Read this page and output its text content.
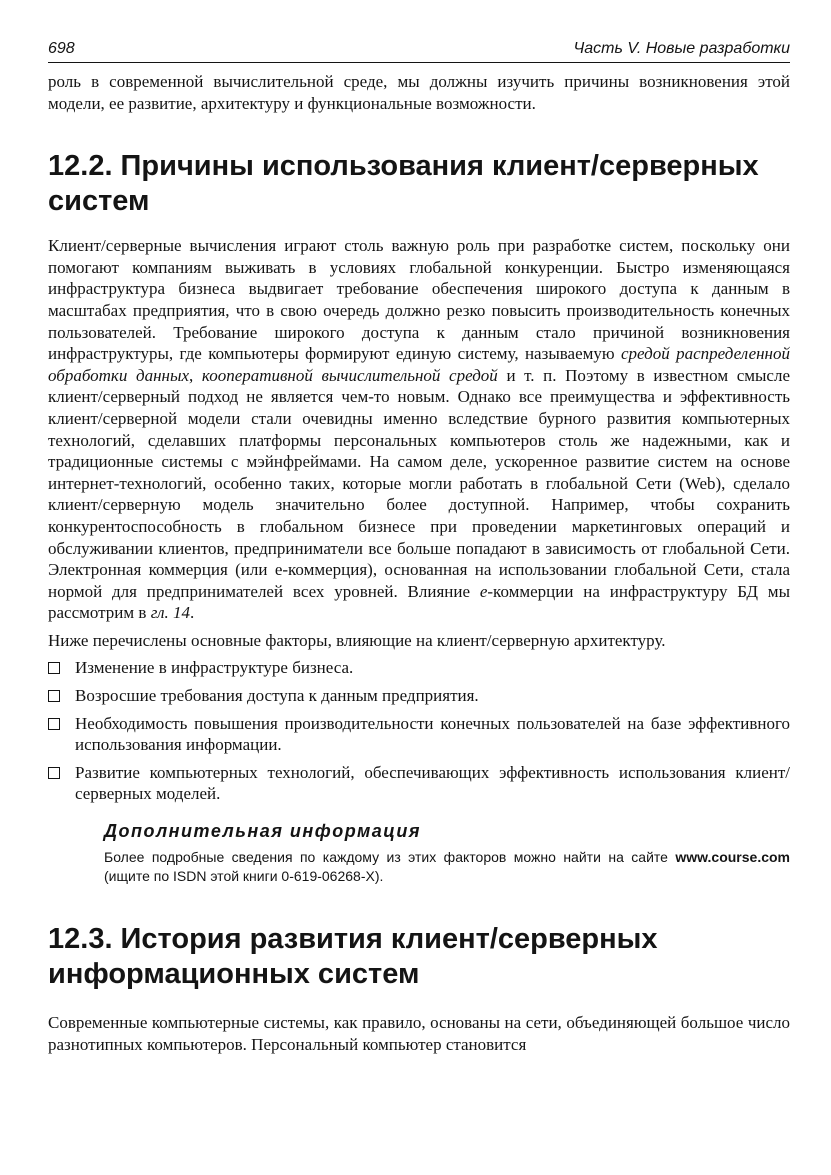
698	Часть V. Новые разработки

роль в современной вычислительной среде, мы должны изучить причины возникновения этой модели, ее развитие, архитектуру и функциональные возможности.

12.2. Причины использования клиент/серверных систем

Клиент/серверные вычисления играют столь важную роль при разработке систем, поскольку они помогают компаниям выживать в условиях глобальной конкуренции. Быстро изменяющаяся инфраструктура бизнеса выдвигает требование обеспечения широкого доступа к данным в масштабах предприятия, что в свою очередь должно резко повысить производительность конечных пользователей. Требование широкого доступа к данным стало причиной возникновения инфраструктуры, где компьютеры формируют единую систему, называемую средой распределенной обработки данных, кооперативной вычислительной средой и т. п. Поэтому в известном смысле клиент/серверный подход не является чем-то новым. Однако все преимущества и эффективность клиент/серверной модели стали очевидны именно вследствие бурного развития компьютерных технологий, сделавших платформы персональных компьютеров столь же надежными, как и традиционные системы с мэйнфреймами. На самом деле, ускоренное развитие систем на основе интернет-технологий, особенно таких, которые могли работать в глобальной Сети (Web), сделало клиент/серверную модель значительно более доступной. Например, чтобы сохранить конкурентоспособность в глобальном бизнесе при проведении маркетинговых операций и обслуживании клиентов, предприниматели все больше попадают в зависимость от глобальной Сети. Электронная коммерция (или e-коммерция), основанная на использовании глобальной Сети, стала нормой для предпринимателей всех уровней. Влияние e-коммерции на инфраструктуру БД мы рассмотрим в гл. 14.

Ниже перечислены основные факторы, влияющие на клиент/серверную архитектуру.

Изменение в инфраструктуре бизнеса.
Возросшие требования доступа к данным предприятия.
Необходимость повышения производительности конечных пользователей на базе эффективного использования информации.
Развитие компьютерных технологий, обеспечивающих эффективность использования клиент/серверных моделей.

Дополнительная информация

Более подробные сведения по каждому из этих факторов можно найти на сайте www.course.com (ищите по ISDN этой книги 0-619-06268-X).

12.3. История развития клиент/серверных информационных систем

Современные компьютерные системы, как правило, основаны на сети, объединяющей большое число разнотипных компьютеров. Персональный компьютер становится
